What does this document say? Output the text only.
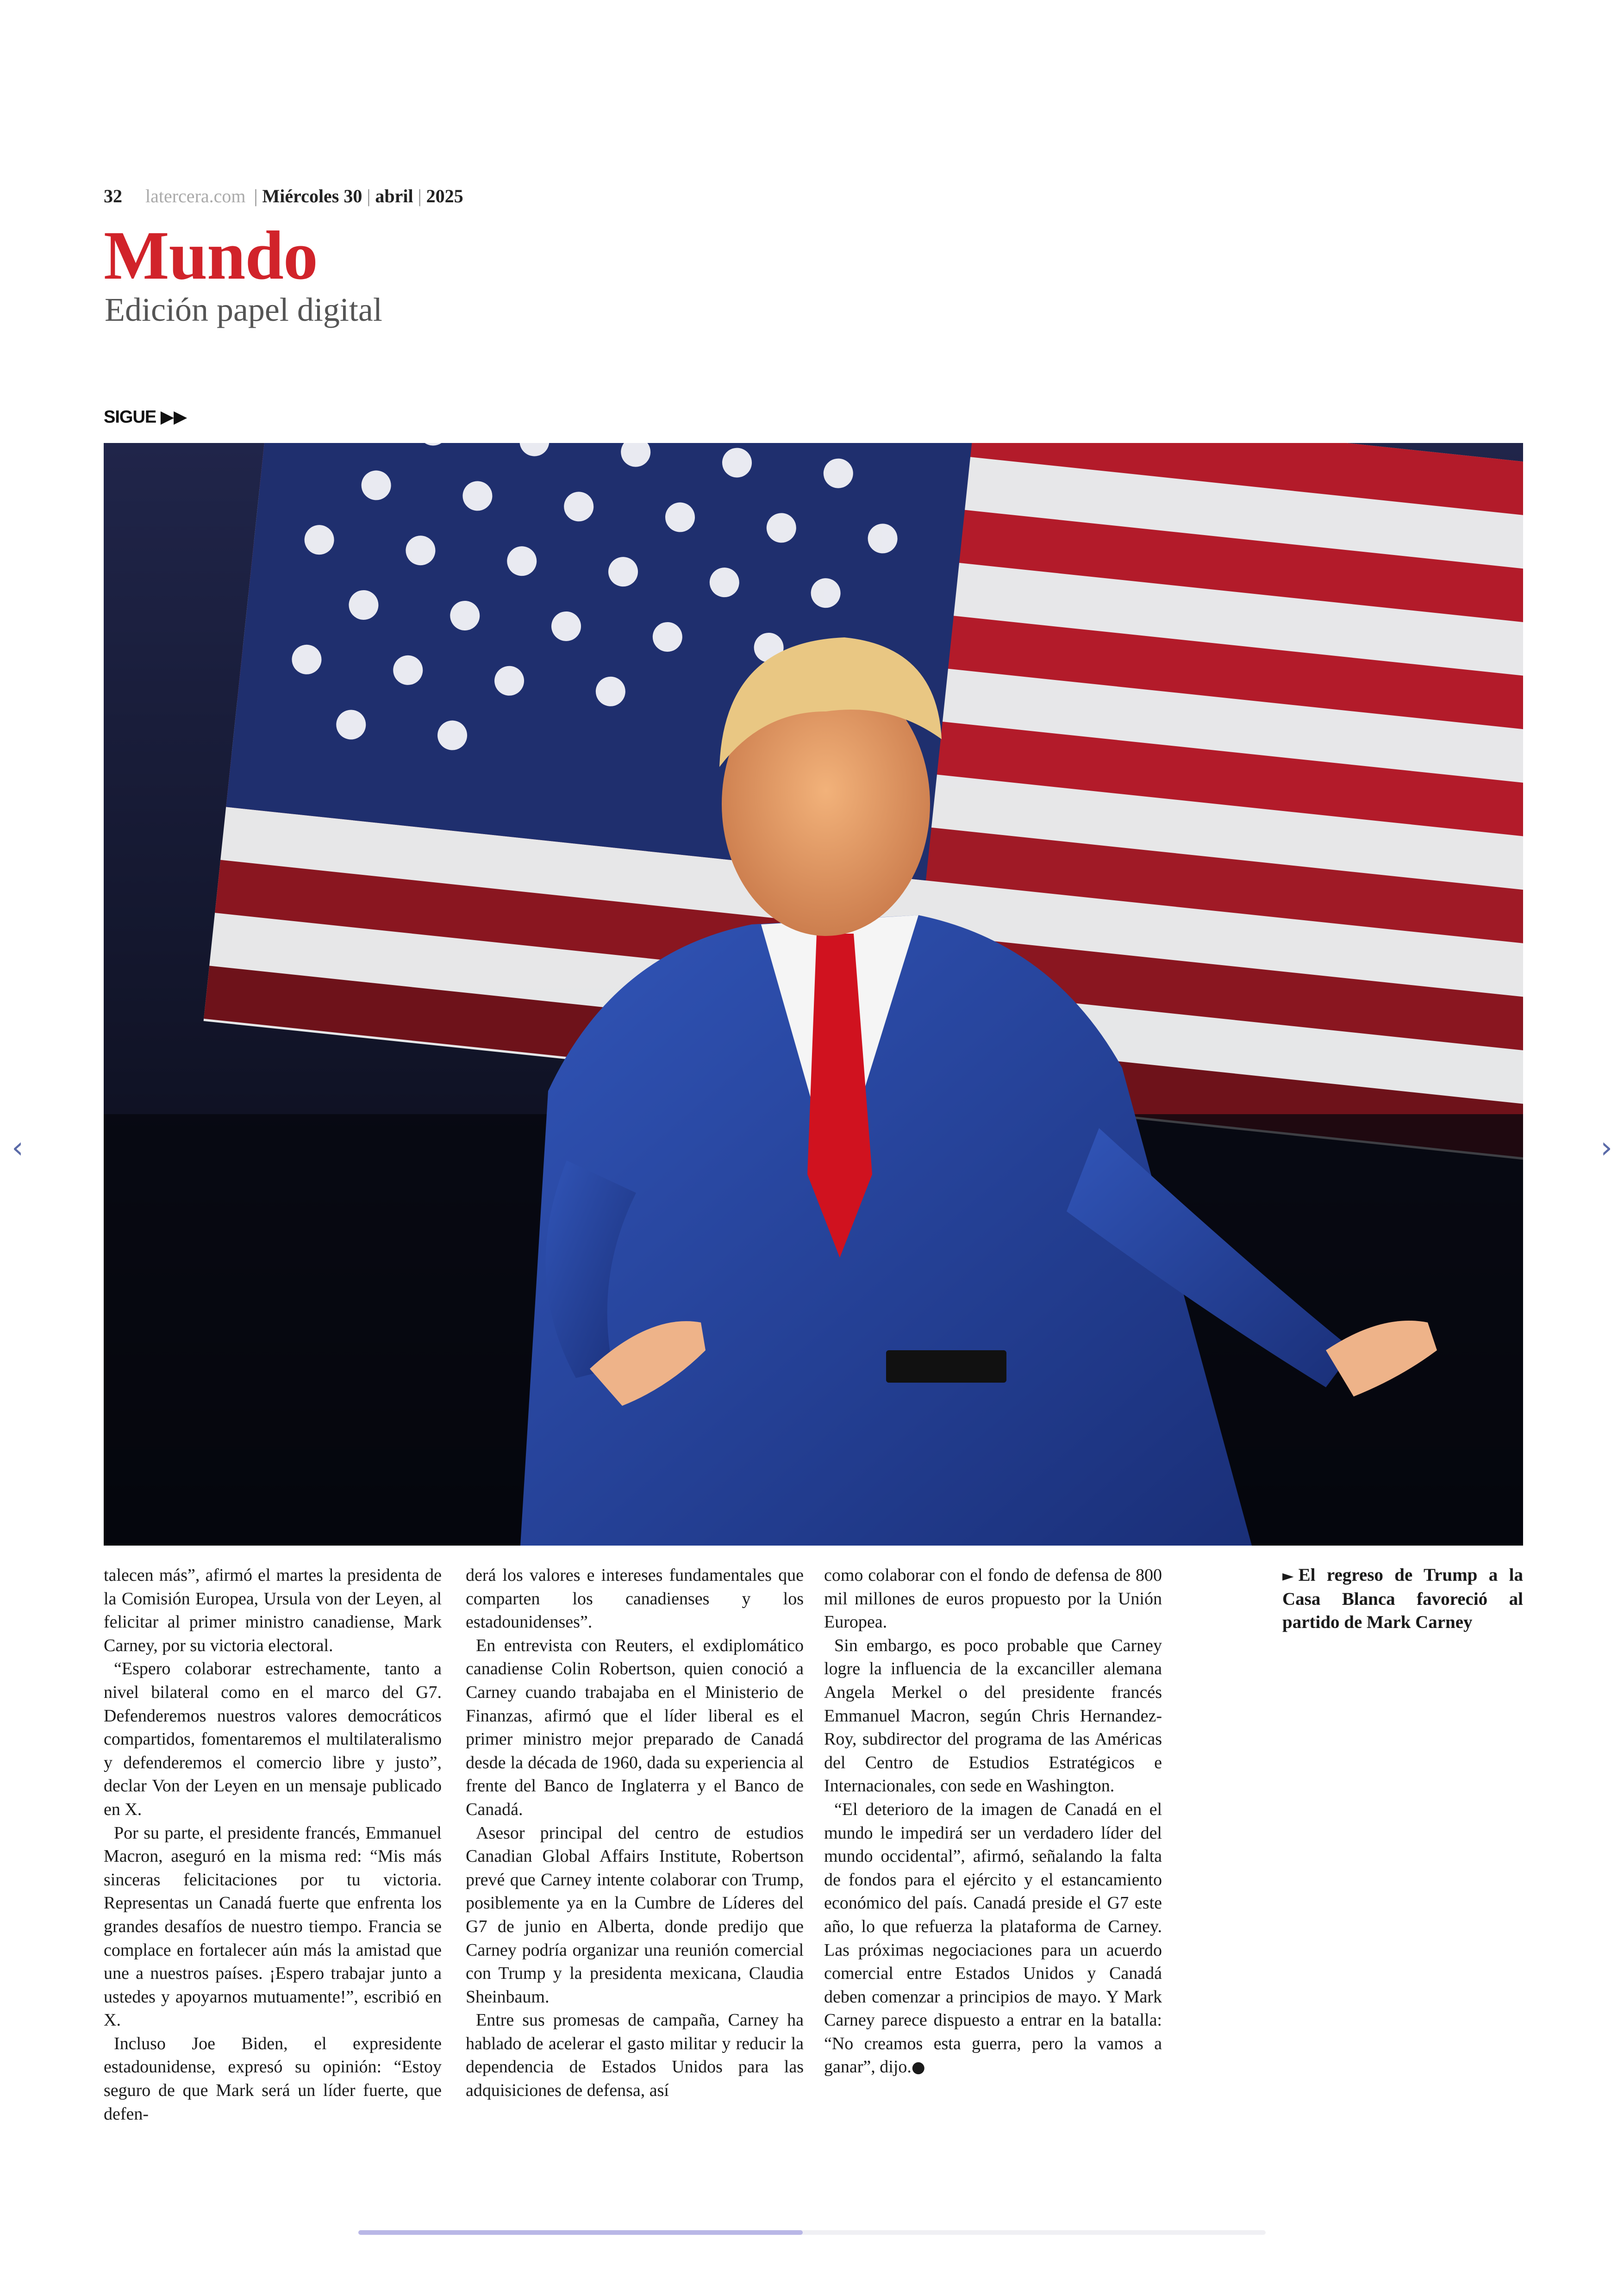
32 latercera.com | Miércoles 30 | abril | 2025
Mundo
Edición papel digital
SIGUE ▶▶
‹	›

talecen más”, afirmó el martes la presidenta de la Comisión Europea, Ursula von der Leyen, al felicitar al primer ministro canadiense, Mark Carney, por su victoria electoral.

“Espero colaborar estrechamente, tanto a nivel bilateral como en el marco del G7. Defenderemos nuestros valores democráticos compartidos, fomentaremos el multilateralismo y defenderemos el comercio libre y justo”, declar Von der Leyen en un mensaje publicado en X.

Por su parte, el presidente francés, Emmanuel Macron, aseguró en la misma red: “Mis más sinceras felicitaciones por tu victoria. Representas un Canadá fuerte que enfrenta los grandes desafíos de nuestro tiempo. Francia se complace en fortalecer aún más la amistad que une a nuestros países. ¡Espero trabajar junto a ustedes y apoyarnos mutuamente!”, escribió en X.

Incluso Joe Biden, el expresidente estadounidense, expresó su opinión: “Estoy seguro de que Mark será un líder fuerte, que defen-

derá los valores e intereses fundamentales que comparten los canadienses y los estadounidenses”.

En entrevista con Reuters, el exdiplomático canadiense Colin Robertson, quien conoció a Carney cuando trabajaba en el Ministerio de Finanzas, afirmó que el líder liberal es el primer ministro mejor preparado de Canadá desde la década de 1960, dada su experiencia al frente del Banco de Inglaterra y el Banco de Canadá.

Asesor principal del centro de estudios Canadian Global Affairs Institute, Robertson prevé que Carney intente colaborar con Trump, posiblemente ya en la Cumbre de Líderes del G7 de junio en Alberta, donde predijo que Carney podría organizar una reunión comercial con Trump y la presidenta mexicana, Claudia Sheinbaum.

Entre sus promesas de campaña, Carney ha hablado de acelerar el gasto militar y reducir la dependencia de Estados Unidos para las adquisiciones de defensa, así

como colaborar con el fondo de defensa de 800 mil millones de euros propuesto por la Unión Europea.

Sin embargo, es poco probable que Carney logre la influencia de la excanciller alemana Angela Merkel o del presidente francés Emmanuel Macron, según Chris Hernandez-Roy, subdirector del programa de las Américas del Centro de Estudios Estratégicos e Internacionales, con sede en Washington.

“El deterioro de la imagen de Canadá en el mundo le impedirá ser un verdadero líder del mundo occidental”, afirmó, señalando la falta de fondos para el ejército y el estancamiento económico del país. Canadá preside el G7 este año, lo que refuerza la plataforma de Carney. Las próximas negociaciones para un acuerdo comercial entre Estados Unidos y Canadá deben comenzar a principios de mayo. Y Mark Carney parece dispuesto a entrar en la batalla: “No creamos esta guerra, pero la vamos a ganar”, dijo.●

► El regreso de Trump a la Casa Blanca favoreció al partido de Mark Carney
